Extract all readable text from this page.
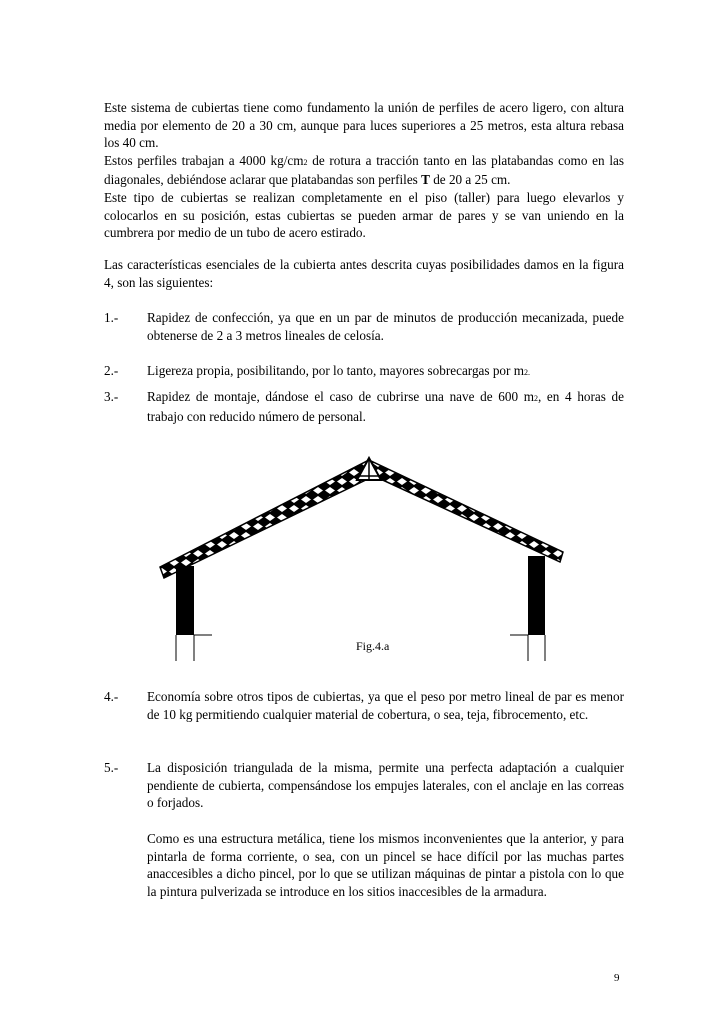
Este sistema de cubiertas tiene como fundamento la unión de perfiles de acero ligero, con altura media por elemento de 20 a 30 cm, aunque para luces superiores a 25 metros, esta altura rebasa los 40 cm.

Estos perfiles trabajan a 4000 kg/cm2 de rotura a tracción tanto en las platabandas como en las diagonales, debiéndose aclarar que platabandas son perfiles T de 20 a 25 cm.

Este tipo de cubiertas se realizan completamente en el piso (taller) para luego elevarlos y colocarlos en su posición, estas cubiertas se pueden armar de pares y se van uniendo en la cumbrera por medio de un tubo de acero estirado.

Las características esenciales de la cubierta antes descrita cuyas posibilidades damos en la figura 4, son las siguientes:

1.- Rapidez de confección, ya que en un par de minutos de producción mecanizada, puede obtenerse de 2 a 3 metros lineales de celosía.
2.- Ligereza propia, posibilitando, por lo tanto, mayores sobrecargas por m2.
3.- Rapidez de montaje, dándose el caso de cubrirse una nave de 600 m2, en 4 horas de trabajo con reducido número de personal.
Fig.4.a
4.- Economía sobre otros tipos de cubiertas, ya que el peso por metro lineal de par es menor de 10 kg permitiendo cualquier material de cobertura, o sea, teja, fibrocemento, etc.
5.- La disposición triangulada de la misma, permite una perfecta adaptación a cualquier pendiente de cubierta, compensándose los empujes laterales, con el anclaje en las correas o forjados.
Como es una estructura metálica, tiene los mismos inconvenientes que la anterior, y para pintarla de forma corriente, o sea, con un pincel se hace difícil por las muchas partes anaccesibles a dicho pincel, por lo que se utilizan máquinas de pintar a pistola con lo que la pintura pulverizada se introduce en los sitios inaccesibles de la armadura.
9
